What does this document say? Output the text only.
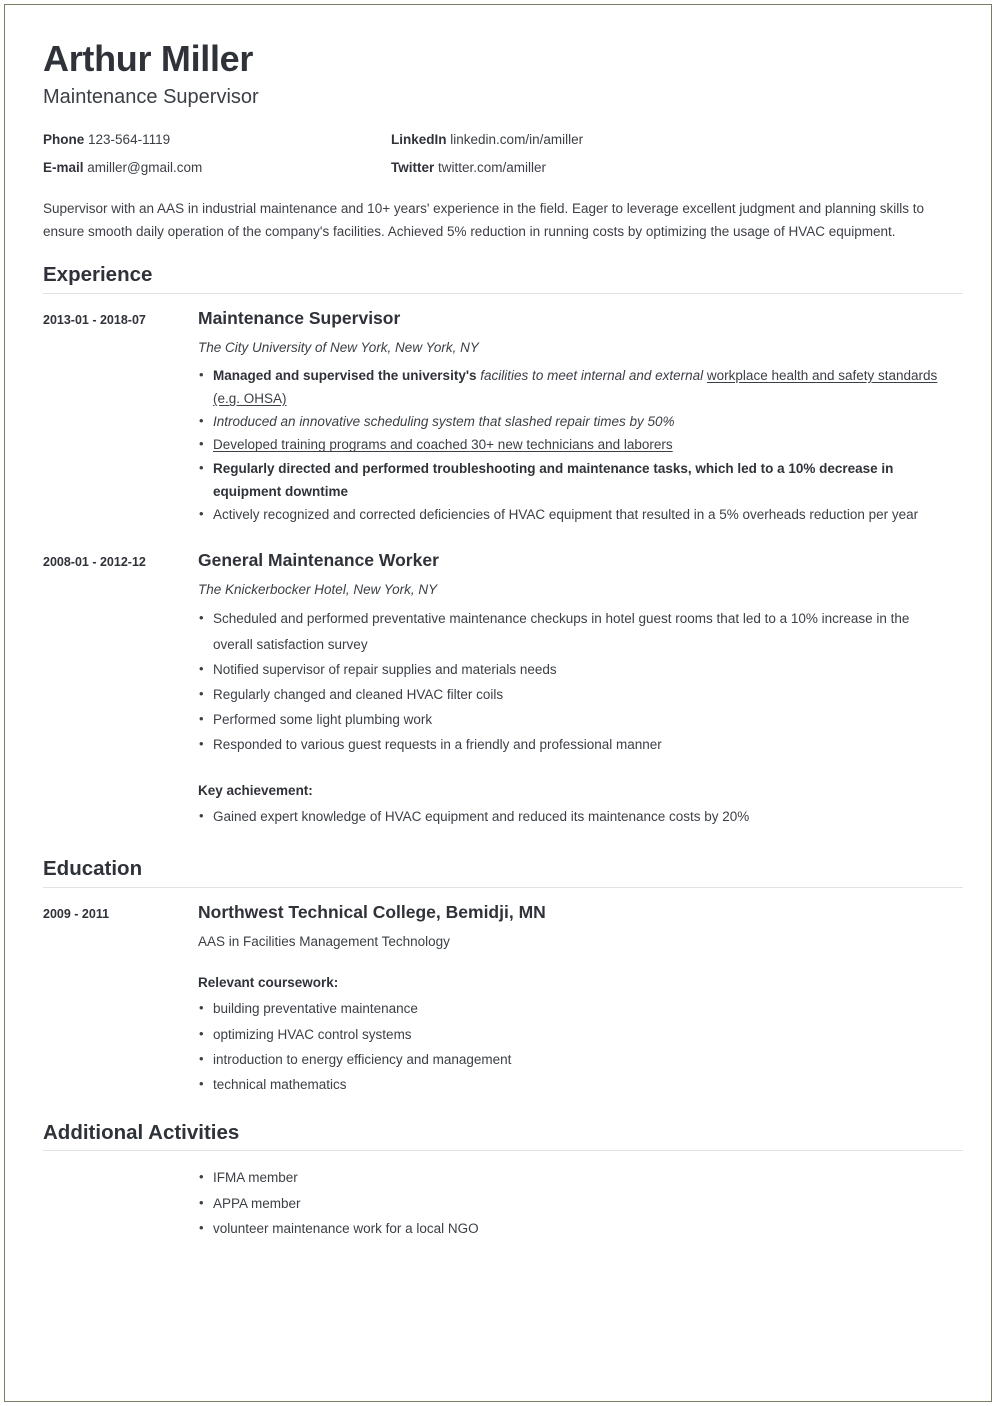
Arthur Miller
Maintenance Supervisor
Phone 123-564-1119	LinkedIn linkedin.com/in/amiller
E-mail amiller@gmail.com	Twitter twitter.com/amiller

Supervisor with an AAS in industrial maintenance and 10+ years' experience in the field. Eager to leverage excellent judgment and planning skills to ensure smooth daily operation of the company's facilities. Achieved 5% reduction in running costs by optimizing the usage of HVAC equipment.

Experience
2013-01 - 2018-07	Maintenance Supervisor
The City University of New York, New York, NY
• Managed and supervised the university's facilities to meet internal and external workplace health and safety standards (e.g. OHSA)
• Introduced an innovative scheduling system that slashed repair times by 50%
• Developed training programs and coached 30+ new technicians and laborers
• Regularly directed and performed troubleshooting and maintenance tasks, which led to a 10% decrease in equipment downtime
• Actively recognized and corrected deficiencies of HVAC equipment that resulted in a 5% overheads reduction per year
2008-01 - 2012-12	General Maintenance Worker
The Knickerbocker Hotel, New York, NY
• Scheduled and performed preventative maintenance checkups in hotel guest rooms that led to a 10% increase in the overall satisfaction survey
• Notified supervisor of repair supplies and materials needs
• Regularly changed and cleaned HVAC filter coils
• Performed some light plumbing work
• Responded to various guest requests in a friendly and professional manner
Key achievement:
• Gained expert knowledge of HVAC equipment and reduced its maintenance costs by 20%
Education
2009 - 2011	Northwest Technical College, Bemidji, MN
AAS in Facilities Management Technology
Relevant coursework:
• building preventative maintenance
• optimizing HVAC control systems
• introduction to energy efficiency and management
• technical mathematics
Additional Activities
• IFMA member
• APPA member
• volunteer maintenance work for a local NGO
